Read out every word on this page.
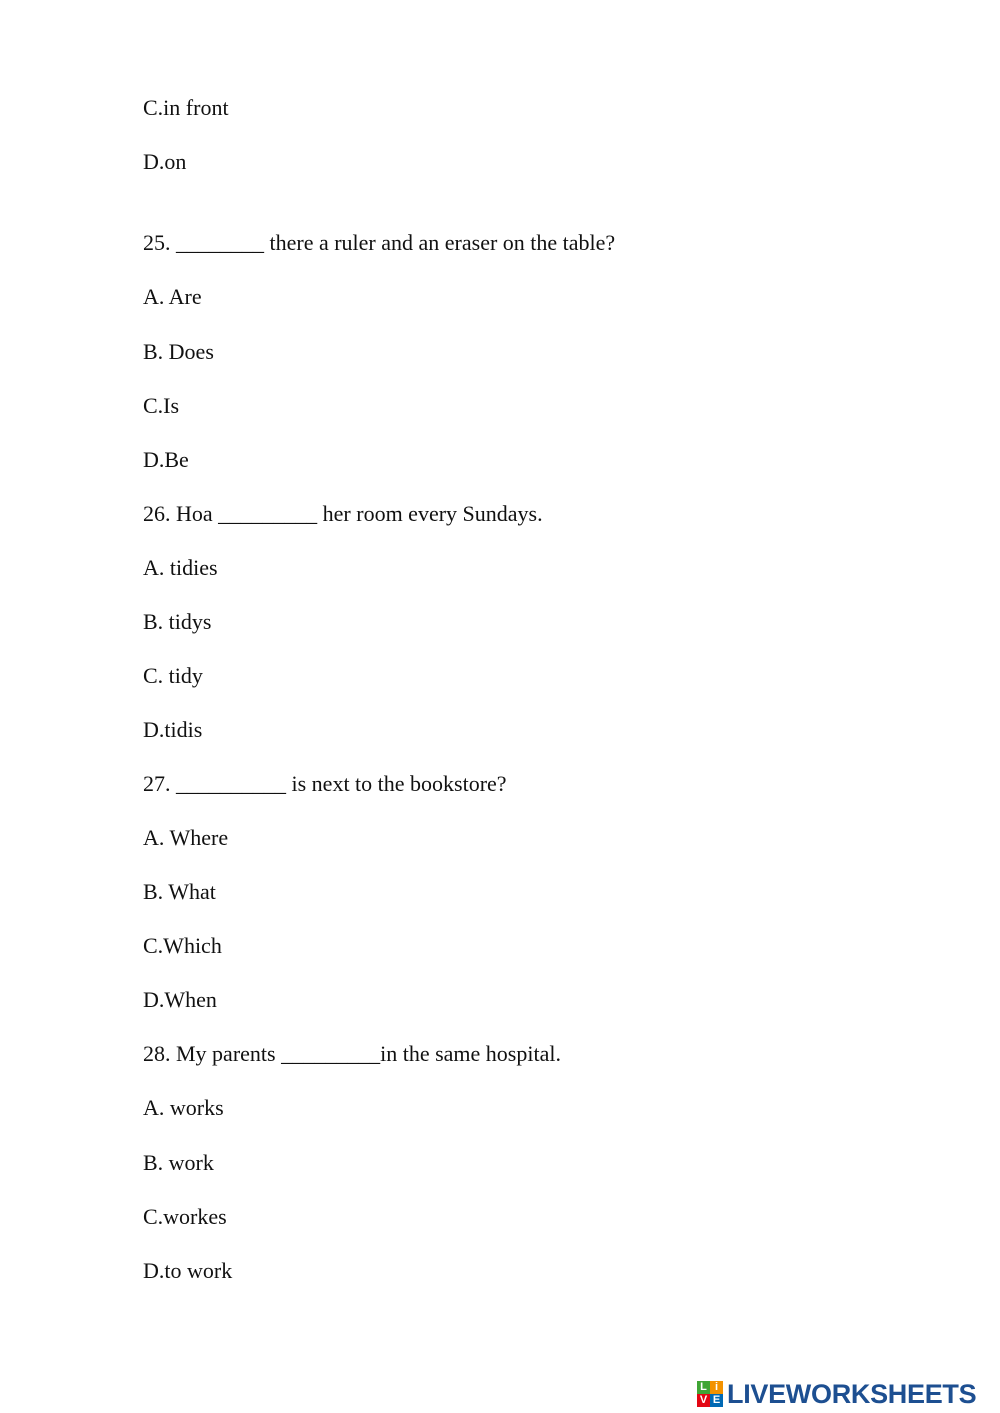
C.in front

D.on

25. ________ there a ruler and an eraser on the table?

A. Are

B. Does

C.Is

D.Be

26. Hoa _________ her room every Sundays.

A. tidies

B. tidys

C. tidy

D.tidis

27. __________ is next to the bookstore?

A. Where

B. What

C.Which

D.When

28. My parents _________in the same hospital.

A. works

B. work

C.workes

D.to work

L i
V E LIVEWORKSHEETS
